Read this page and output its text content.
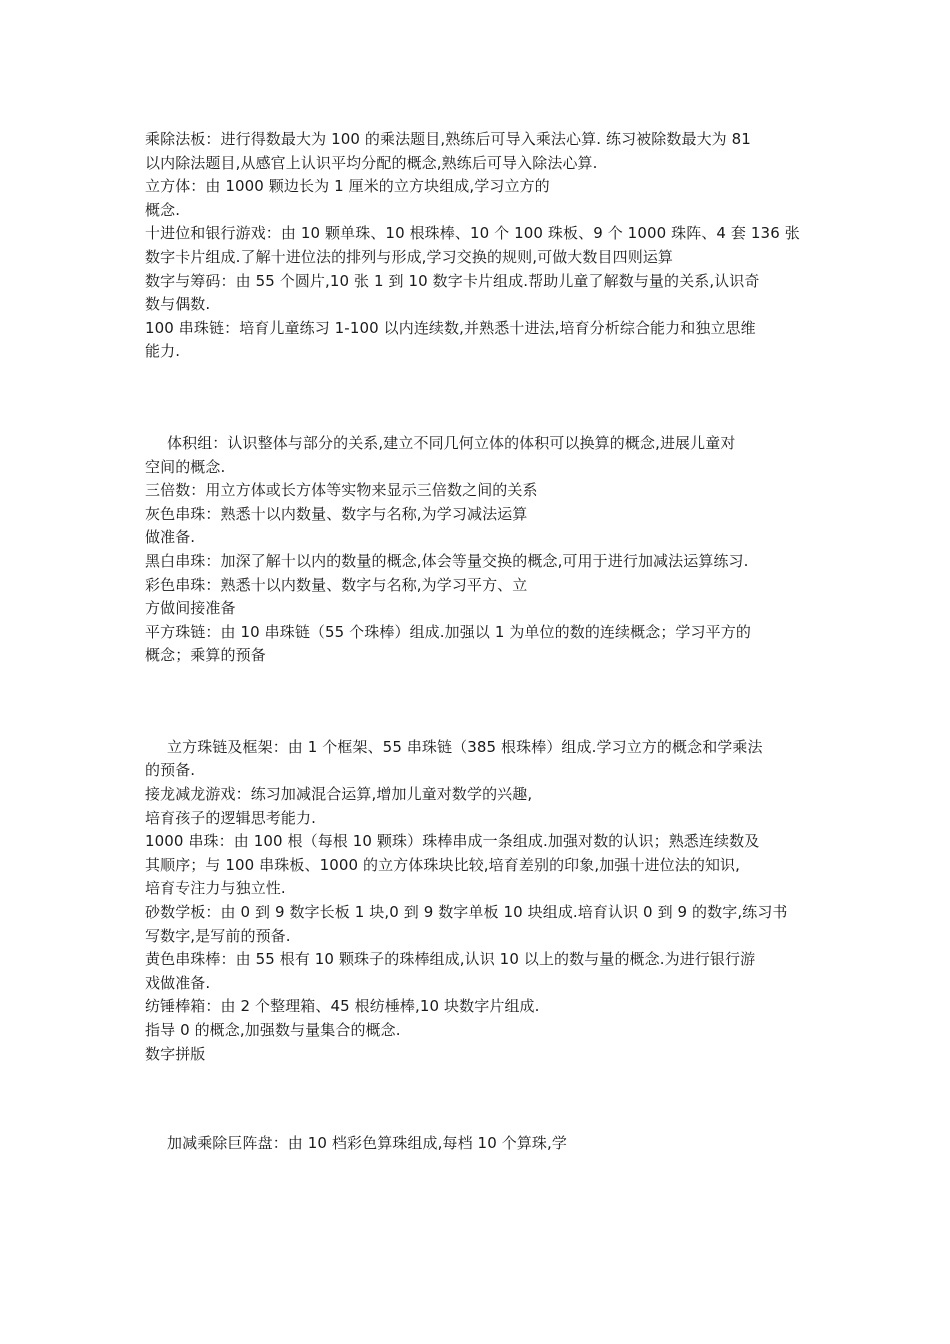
乘除法板：进行得数最大为 100 的乘法题目,熟练后可导入乘法心算. 练习被除数最大为 81
以内除法题目,从感官上认识平均分配的概念,熟练后可导入除法心算.
立方体：由 1000 颗边长为 1 厘米的立方块组成,学习立方的
概念.
十进位和银行游戏：由 10 颗单珠、10 根珠棒、10 个 100 珠板、9 个 1000 珠阵、4 套 136 张
数字卡片组成.了解十进位法的排列与形成,学习交换的规则,可做大数目四则运算
数字与筹码：由 55 个圆片,10 张 1 到 10 数字卡片组成.帮助儿童了解数与量的关系,认识奇
数与偶数.
100 串珠链：培育儿童练习 1-100 以内连续数,并熟悉十进法,培育分析综合能力和独立思维
能力.
体积组：认识整体与部分的关系,建立不同几何立体的体积可以换算的概念,进展儿童对
空间的概念.
三倍数：用立方体或长方体等实物来显示三倍数之间的关系
灰色串珠：熟悉十以内数量、数字与名称,为学习减法运算
做准备.
黑白串珠：加深了解十以内的数量的概念,体会等量交换的概念,可用于进行加减法运算练习.
彩色串珠：熟悉十以内数量、数字与名称,为学习平方、立
方做间接准备
平方珠链：由 10 串珠链（55 个珠棒）组成.加强以 1 为单位的数的连续概念；学习平方的
概念；乘算的预备
立方珠链及框架：由 1 个框架、55 串珠链（385 根珠棒）组成.学习立方的概念和学乘法
的预备.
接龙减龙游戏：练习加减混合运算,增加儿童对数学的兴趣,
培育孩子的逻辑思考能力.
1000 串珠：由 100 根（每根 10 颗珠）珠棒串成一条组成.加强对数的认识；熟悉连续数及
其顺序；与 100 串珠板、1000 的立方体珠块比较,培育差别的印象,加强十进位法的知识,
培育专注力与独立性.
砂数学板：由 0 到 9 数字长板 1 块,0 到 9 数字单板 10 块组成.培育认识 0 到 9 的数字,练习书
写数字,是写前的预备.
黄色串珠棒：由 55 根有 10 颗珠子的珠棒组成,认识 10 以上的数与量的概念.为进行银行游
戏做准备.
纺锤棒箱：由 2 个整理箱、45 根纺棰棒,10 块数字片组成.
指导 0 的概念,加强数与量集合的概念.
数字拼版
加减乘除巨阵盘：由 10 档彩色算珠组成,每档 10 个算珠,学
